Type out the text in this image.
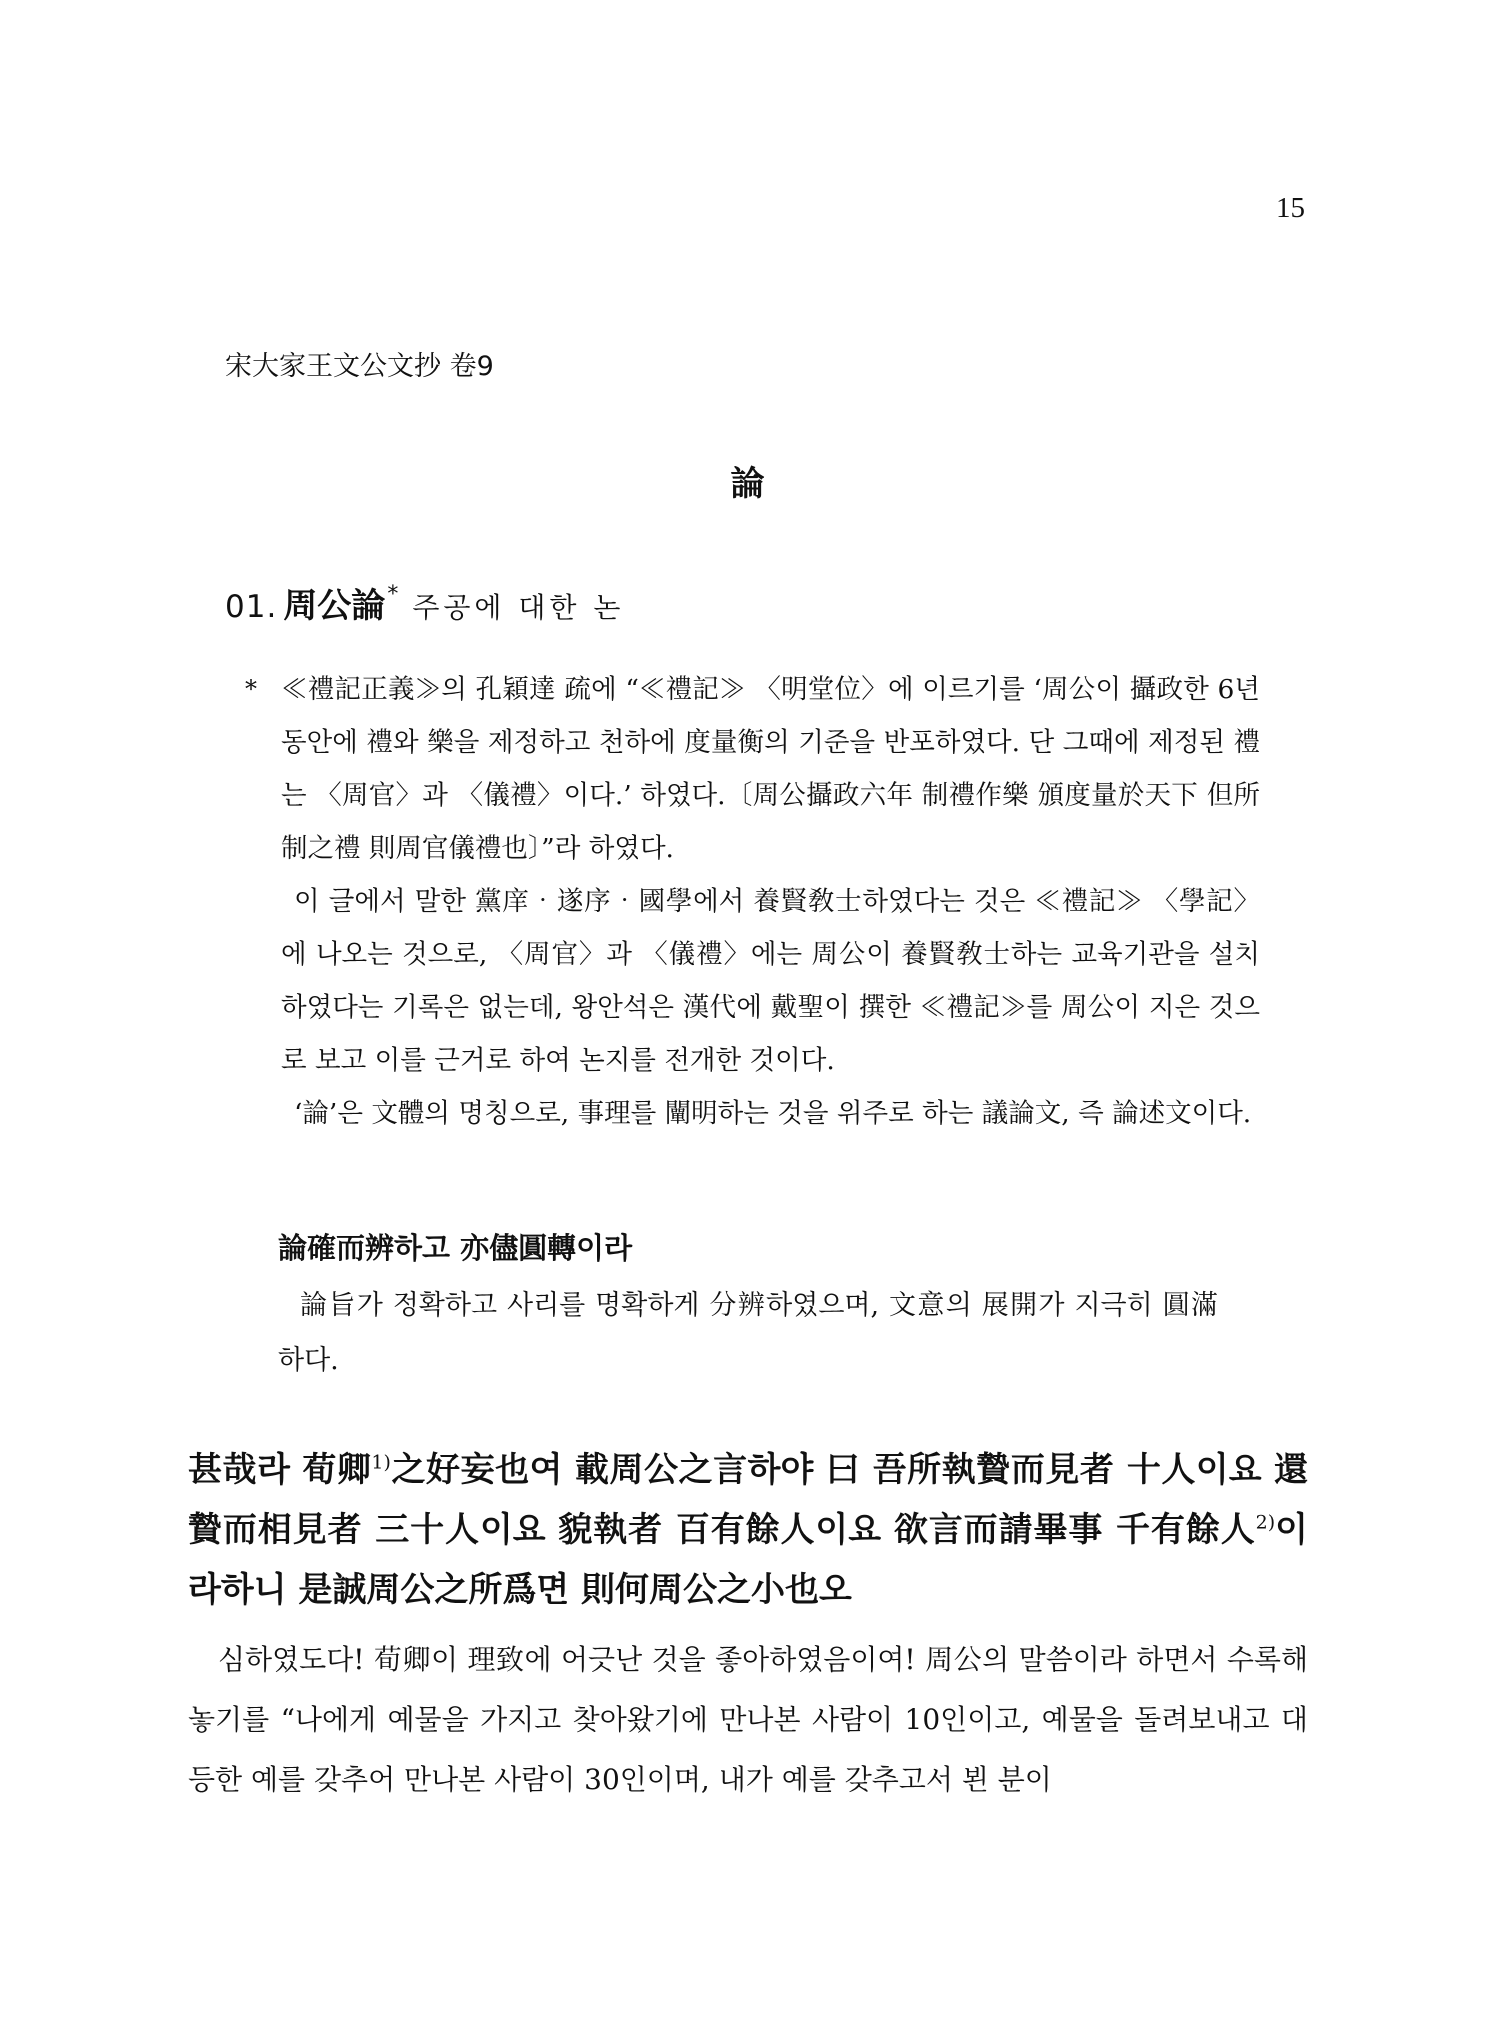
15
宋大家王文公文抄 卷9
論
01. 周公論* 주공에 대한 논
* ≪禮記正義≫의 孔穎達 疏에 “≪禮記≫ 〈明堂位〉에 이르기를 ‘周公이 攝政한 6년 동안에 禮와 樂을 제정하고 천하에 度量衡의 기준을 반포하였다. 단 그때에 제정된 禮는 〈周官〉과 〈儀禮〉이다.’ 하였다.〔周公攝政六年 制禮作樂 頒度量於天下 但所制之禮 則周官儀禮也〕”라 하였다.

이 글에서 말한 黨庠‧遂序‧國學에서 養賢敎士하였다는 것은 ≪禮記≫ 〈學記〉에 나오는 것으로, 〈周官〉과 〈儀禮〉에는 周公이 養賢敎士하는 교육기관을 설치하였다는 기록은 없는데, 왕안석은 漢代에 戴聖이 撰한 ≪禮記≫를 周公이 지은 것으로 보고 이를 근거로 하여 논지를 전개한 것이다.

‘論’은 文體의 명칭으로, 事理를 闡明하는 것을 위주로 하는 議論文, 즉 論述文이다.

論確而辨하고 亦儘圓轉이라
論旨가 정확하고 사리를 명확하게 分辨하였으며, 文意의 展開가 지극히 圓滿하다.
甚哉라 荀卿$^{1)}$之好妄也여 載周公之言하야 曰 吾所執贄而見者 十人이요 還贄而相見者 三十人이요 貌執者 百有餘人이요 欲言而請畢事 千有餘人$^{2)}$이라하니 是誠周公之所爲면 則何周公之小也오
심하였도다! 荀卿이 理致에 어긋난 것을 좋아하였음이여! 周公의 말씀이라 하면서 수록해놓기를 “나에게 예물을 가지고 찾아왔기에 만나본 사람이 10인이고, 예물을 돌려보내고 대등한 예를 갖추어 만나본 사람이 30인이며, 내가 예를 갖추고서 뵌 분이
